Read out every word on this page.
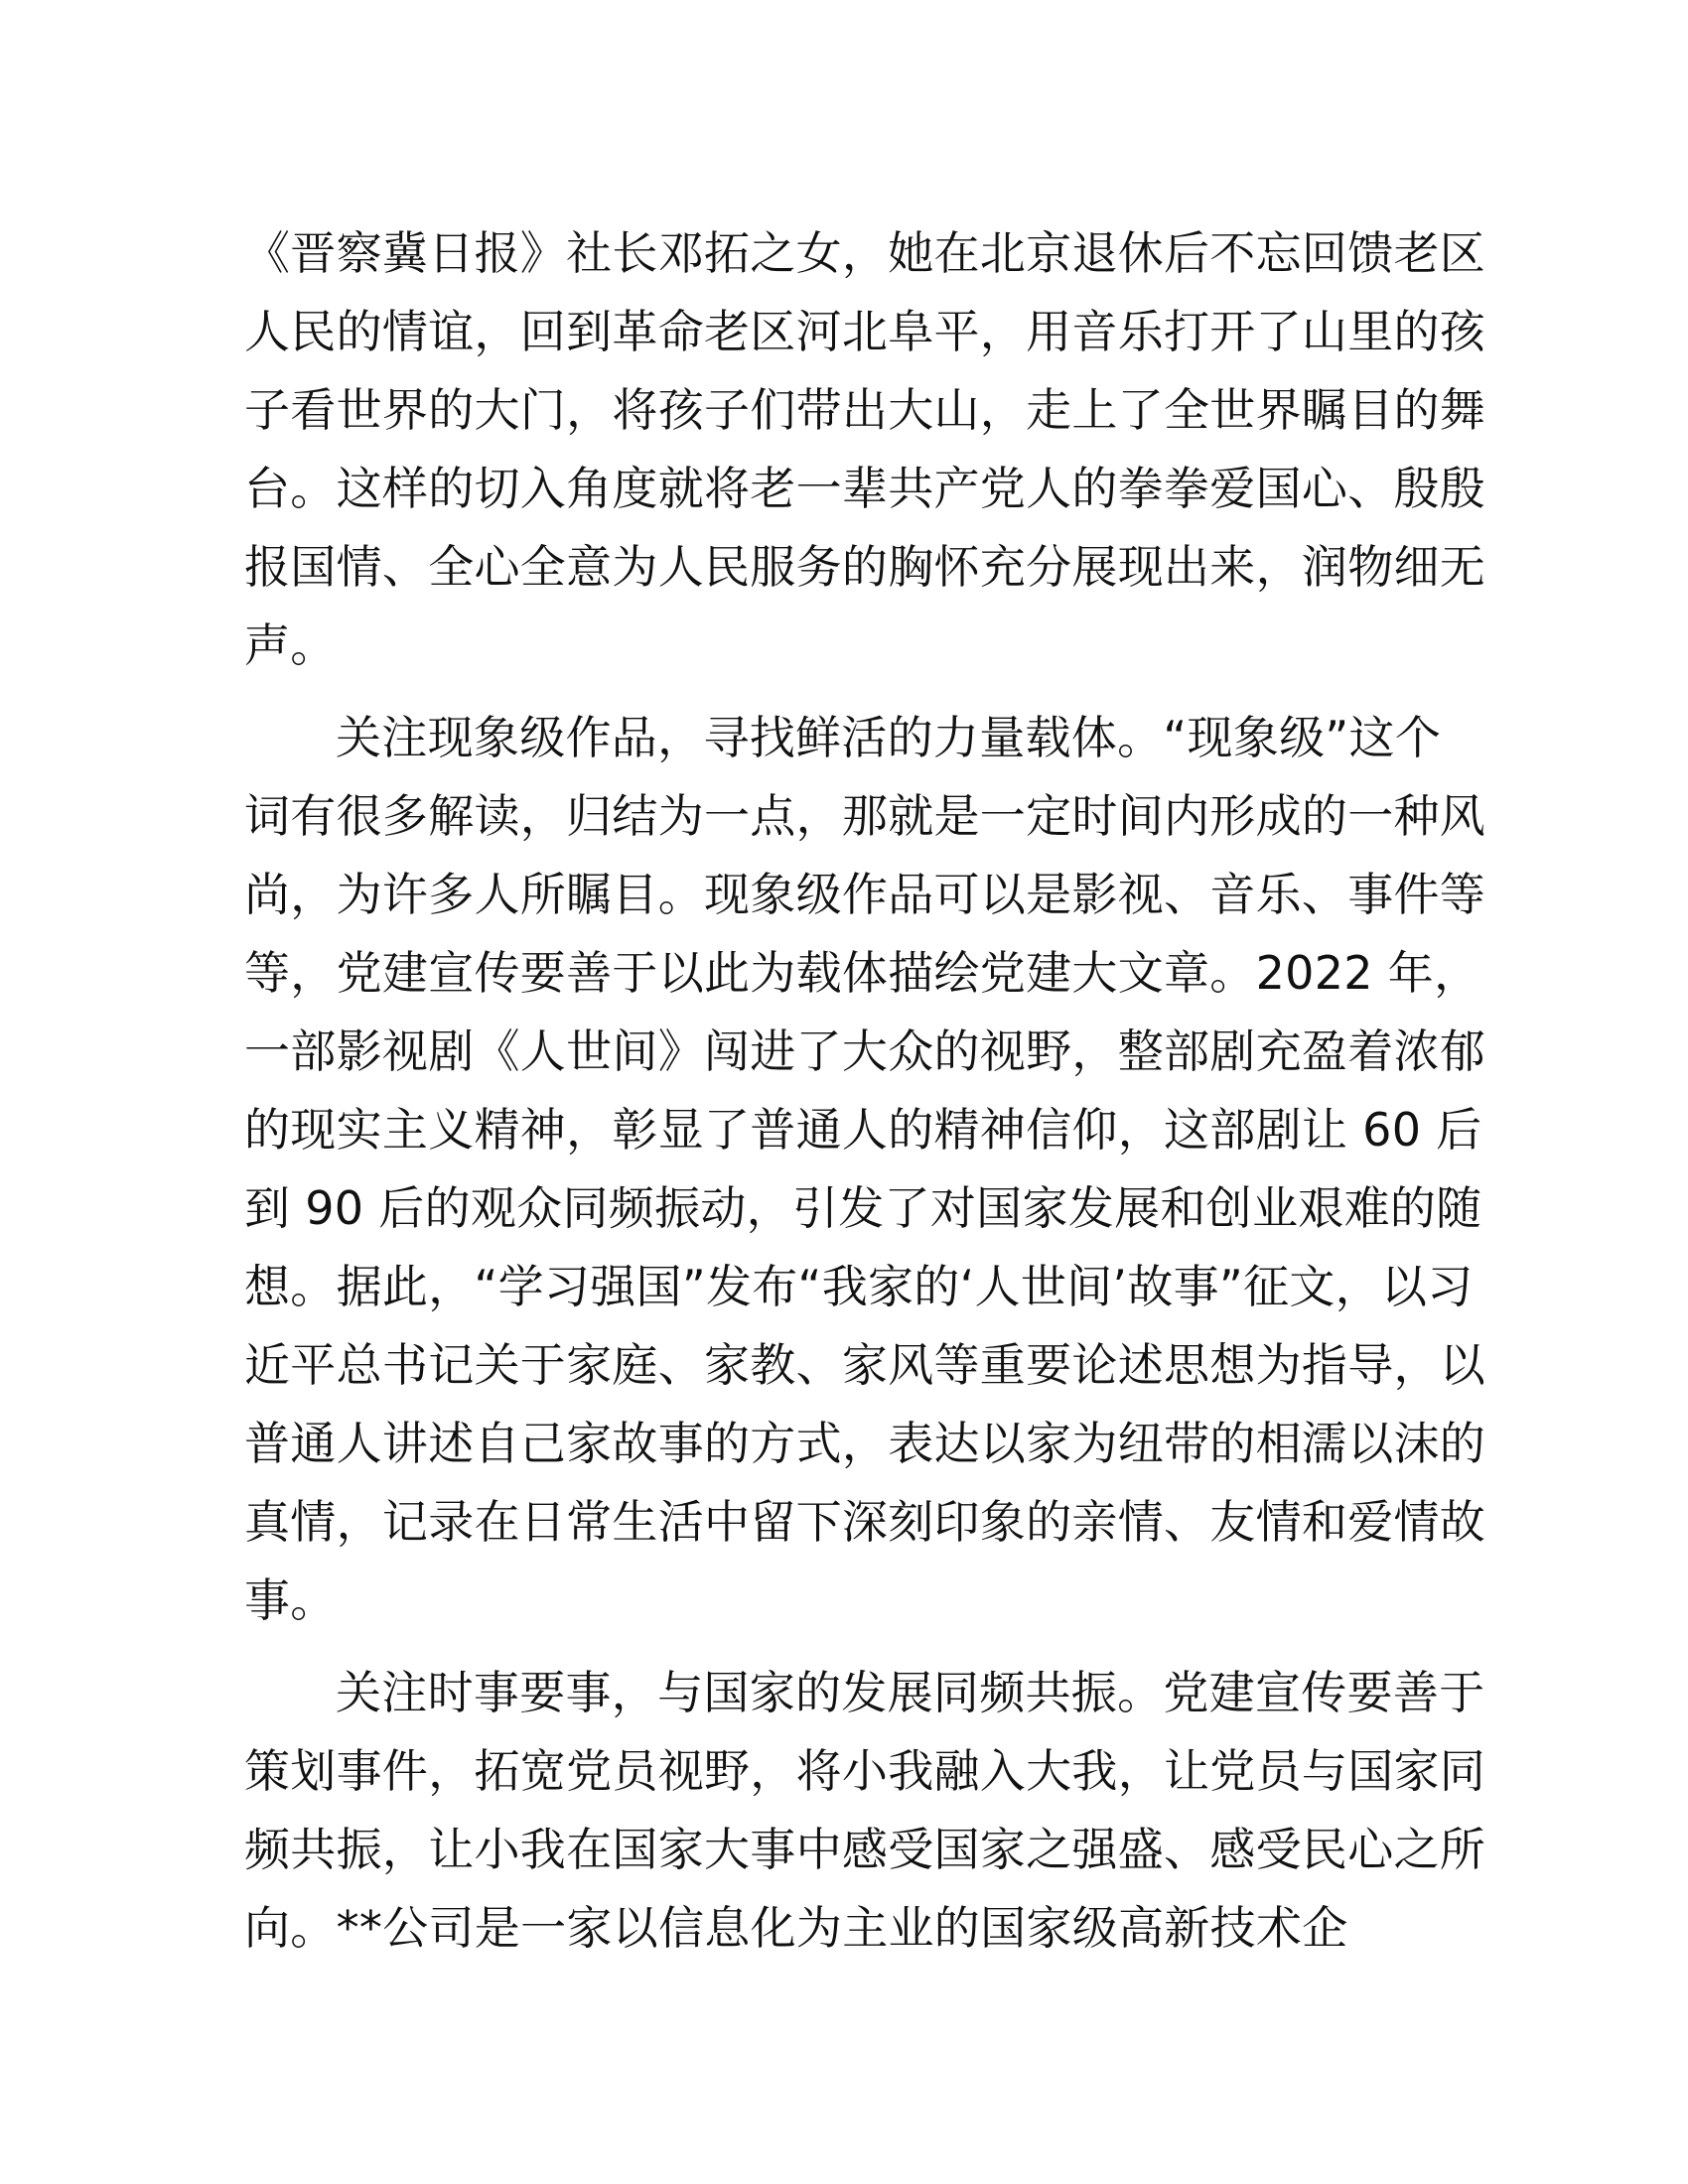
《晋察冀日报》社长邓拓之女，她在北京退休后不忘回馈老区
人民的情谊，回到革命老区河北阜平，用音乐打开了山里的孩
子看世界的大门，将孩子们带出大山，走上了全世界瞩目的舞
台。这样的切入角度就将老一辈共产党人的拳拳爱国心、殷殷
报国情、全心全意为人民服务的胸怀充分展现出来，润物细无
声。

关注现象级作品，寻找鲜活的力量载体。“现象级”这个
词有很多解读，归结为一点，那就是一定时间内形成的一种风
尚，为许多人所瞩目。现象级作品可以是影视、音乐、事件等
等，党建宣传要善于以此为载体描绘党建大文章。2022 年，
一部影视剧《人世间》闯进了大众的视野，整部剧充盈着浓郁
的现实主义精神，彰显了普通人的精神信仰，这部剧让 60 后
到 90 后的观众同频振动，引发了对国家发展和创业艰难的随
想。据此，“学习强国”发布“我家的‘人世间’故事”征文，以习
近平总书记关于家庭、家教、家风等重要论述思想为指导，以
普通人讲述自己家故事的方式，表达以家为纽带的相濡以沫的
真情，记录在日常生活中留下深刻印象的亲情、友情和爱情故
事。

关注时事要事，与国家的发展同频共振。党建宣传要善于
策划事件，拓宽党员视野，将小我融入大我，让党员与国家同
频共振，让小我在国家大事中感受国家之强盛、感受民心之所
向。**公司是一家以信息化为主业的国家级高新技术企
